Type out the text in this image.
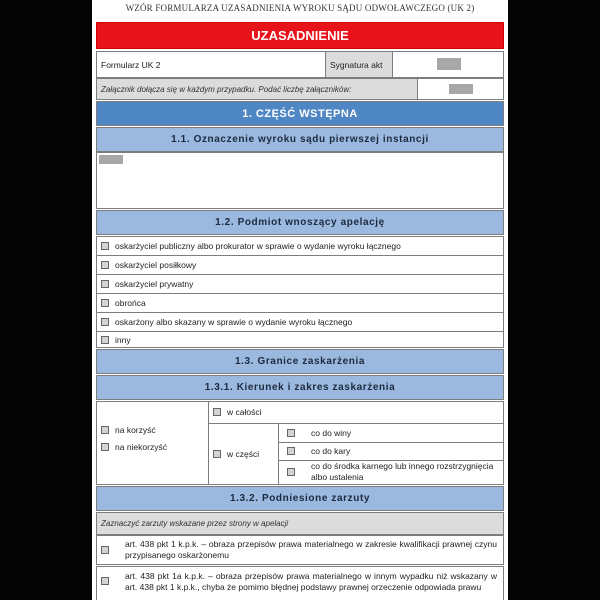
WZÓR FORMULARZA UZASADNIENIA WYROKU SĄDU ODWOŁAWCZEGO (UK 2)
UZASADNIENIE
Formularz UK 2	Sygnatura akt
Załącznik dołącza się w każdym przypadku. Podać liczbę załączników:
1. CZĘŚĆ WSTĘPNA
1.1. Oznaczenie wyroku sądu pierwszej instancji
1.2. Podmiot wnoszący apelację
oskarżyciel publiczny albo prokurator w sprawie o wydanie wyroku łącznego
oskarżyciel posiłkowy
oskarżyciel prywatny
obrońca
oskarżony albo skazany w sprawie o wydanie wyroku łącznego
inny
1.3. Granice zaskarżenia
1.3.1. Kierunek i zakres zaskarżenia
na korzyść
na niekorzyść
w całości
w części
co do winy
co do kary
co do środka karnego lub innego rozstrzygnięcia albo ustalenia
1.3.2. Podniesione zarzuty
Zaznaczyć zarzuty wskazane przez strony w apelacji
art. 438 pkt 1 k.p.k. – obraza przepisów prawa materialnego w zakresie kwalifikacji prawnej czynu przypisanego oskarżonemu
art. 438 pkt 1a k.p.k. – obraza przepisów prawa materialnego w innym wypadku niż wskazany w art. 438 pkt 1 k.p.k., chyba że pomimo błędnej podstawy prawnej orzeczenie odpowiada prawu
